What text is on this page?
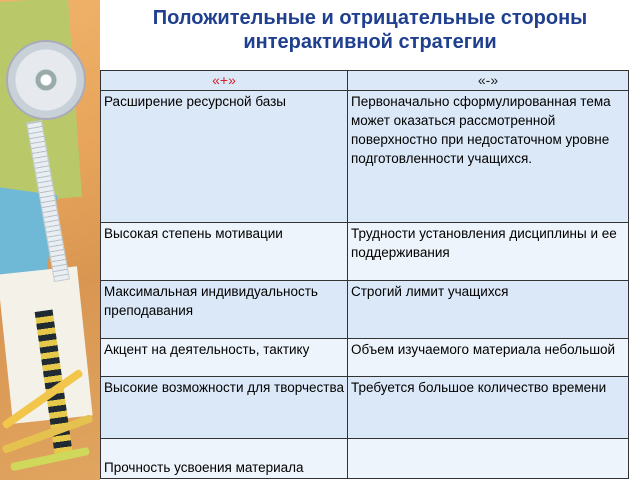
Положительные и отрицательные стороны интерактивной стратегии
«+»	«-»
Расширение ресурсной базы	Первоначально сформулированная тема может оказаться рассмотренной поверхностно при недостаточном уровне подготовленности учащихся.
Высокая степень мотивации	Трудности установления дисциплины и ее поддерживания
Максимальная индивидуальность преподавания	Строгий лимит учащихся
Акцент на деятельность, тактику	Объем изучаемого материала небольшой
Высокие возможности для творчества	Требуется большое количество времени
Прочность усвоения материала	
